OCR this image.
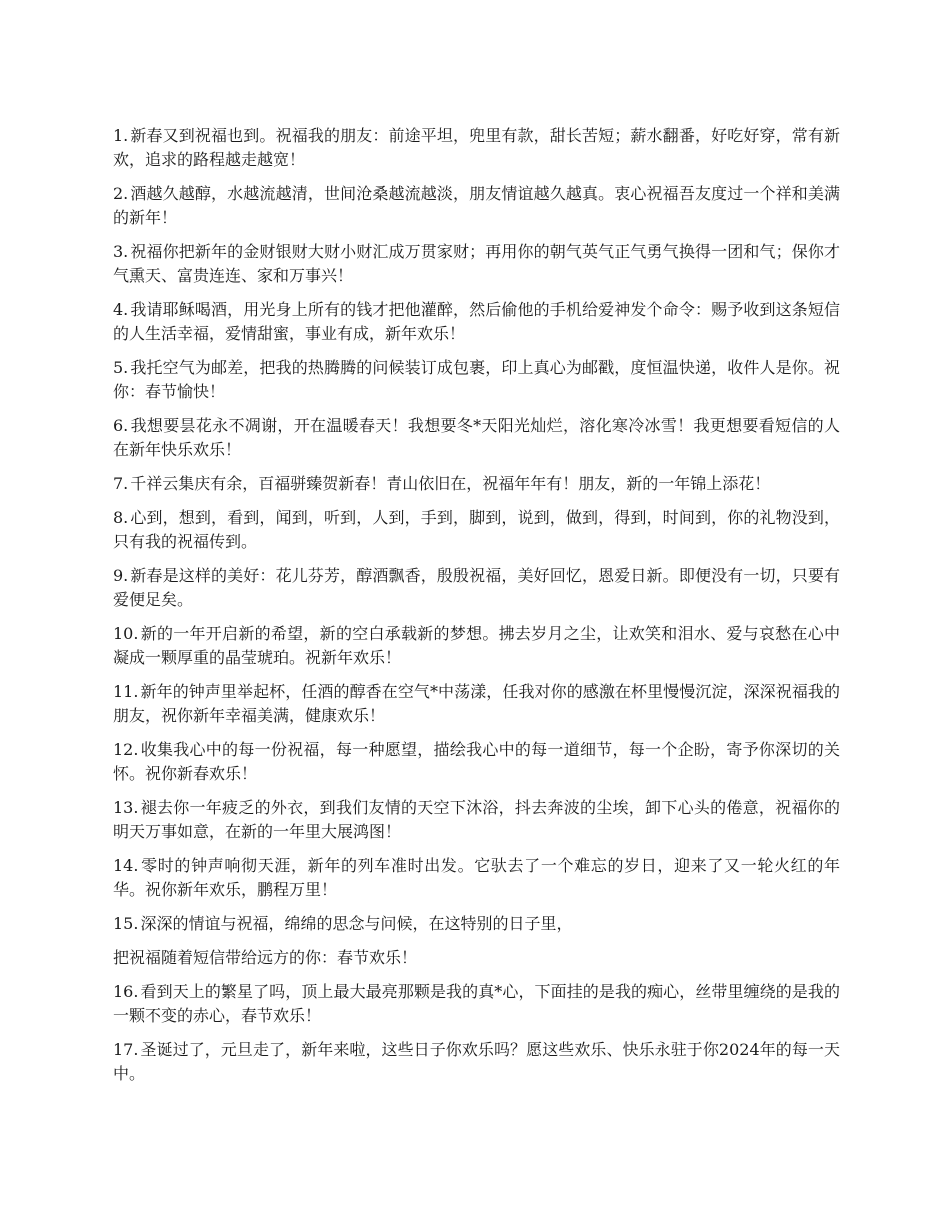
1. 新春又到祝福也到。祝福我的朋友：前途平坦，兜里有款，甜长苦短；薪水翻番，好吃好穿，常有新欢，追求的路程越走越宽！

2. 酒越久越醇，水越流越清，世间沧桑越流越淡，朋友情谊越久越真。衷心祝福吾友度过一个祥和美满的新年！

3. 祝福你把新年的金财银财大财小财汇成万贯家财；再用你的朝气英气正气勇气换得一团和气；保你才气熏天、富贵连连、家和万事兴！

4. 我请耶稣喝酒，用光身上所有的钱才把他灌醉，然后偷他的手机给爱神发个命令：赐予收到这条短信的人生活幸福，爱情甜蜜，事业有成，新年欢乐！

5. 我托空气为邮差，把我的热腾腾的问候装订成包裹，印上真心为邮戳，度恒温快递，收件人是你。祝你：春节愉快！

6. 我想要昙花永不凋谢，开在温暖春天！我想要冬*天阳光灿烂，溶化寒冷冰雪！我更想要看短信的人在新年快乐欢乐！

7. 千祥云集庆有余，百福骈臻贺新春！青山依旧在，祝福年年有！朋友，新的一年锦上添花！

8. 心到，想到，看到，闻到，听到，人到，手到，脚到，说到，做到，得到，时间到，你的礼物没到，只有我的祝福传到。

9. 新春是这样的美好：花儿芬芳，醇酒飘香，殷殷祝福，美好回忆，恩爱日新。即便没有一切，只要有爱便足矣。

10. 新的一年开启新的希望，新的空白承载新的梦想。拂去岁月之尘，让欢笑和泪水、爱与哀愁在心中凝成一颗厚重的晶莹琥珀。祝新年欢乐！

11. 新年的钟声里举起杯，任酒的醇香在空气*中荡漾，任我对你的感激在杯里慢慢沉淀，深深祝福我的朋友，祝你新年幸福美满，健康欢乐！

12. 收集我心中的每一份祝福，每一种愿望，描绘我心中的每一道细节，每一个企盼，寄予你深切的关怀。祝你新春欢乐！

13. 褪去你一年疲乏的外衣，到我们友情的天空下沐浴，抖去奔波的尘埃，卸下心头的倦意，祝福你的明天万事如意，在新的一年里大展鸿图！

14. 零时的钟声响彻天涯，新年的列车准时出发。它驮去了一个难忘的岁日，迎来了又一轮火红的年华。祝你新年欢乐，鹏程万里！

15. 深深的情谊与祝福，绵绵的思念与问候，在这特别的日子里，

把祝福随着短信带给远方的你：春节欢乐！

16. 看到天上的繁星了吗，顶上最大最亮那颗是我的真*心，下面挂的是我的痴心，丝带里缠绕的是我的一颗不变的赤心，春节欢乐！

17. 圣诞过了，元旦走了，新年来啦，这些日子你欢乐吗？愿这些欢乐、快乐永驻于你2024年的每一天中。
